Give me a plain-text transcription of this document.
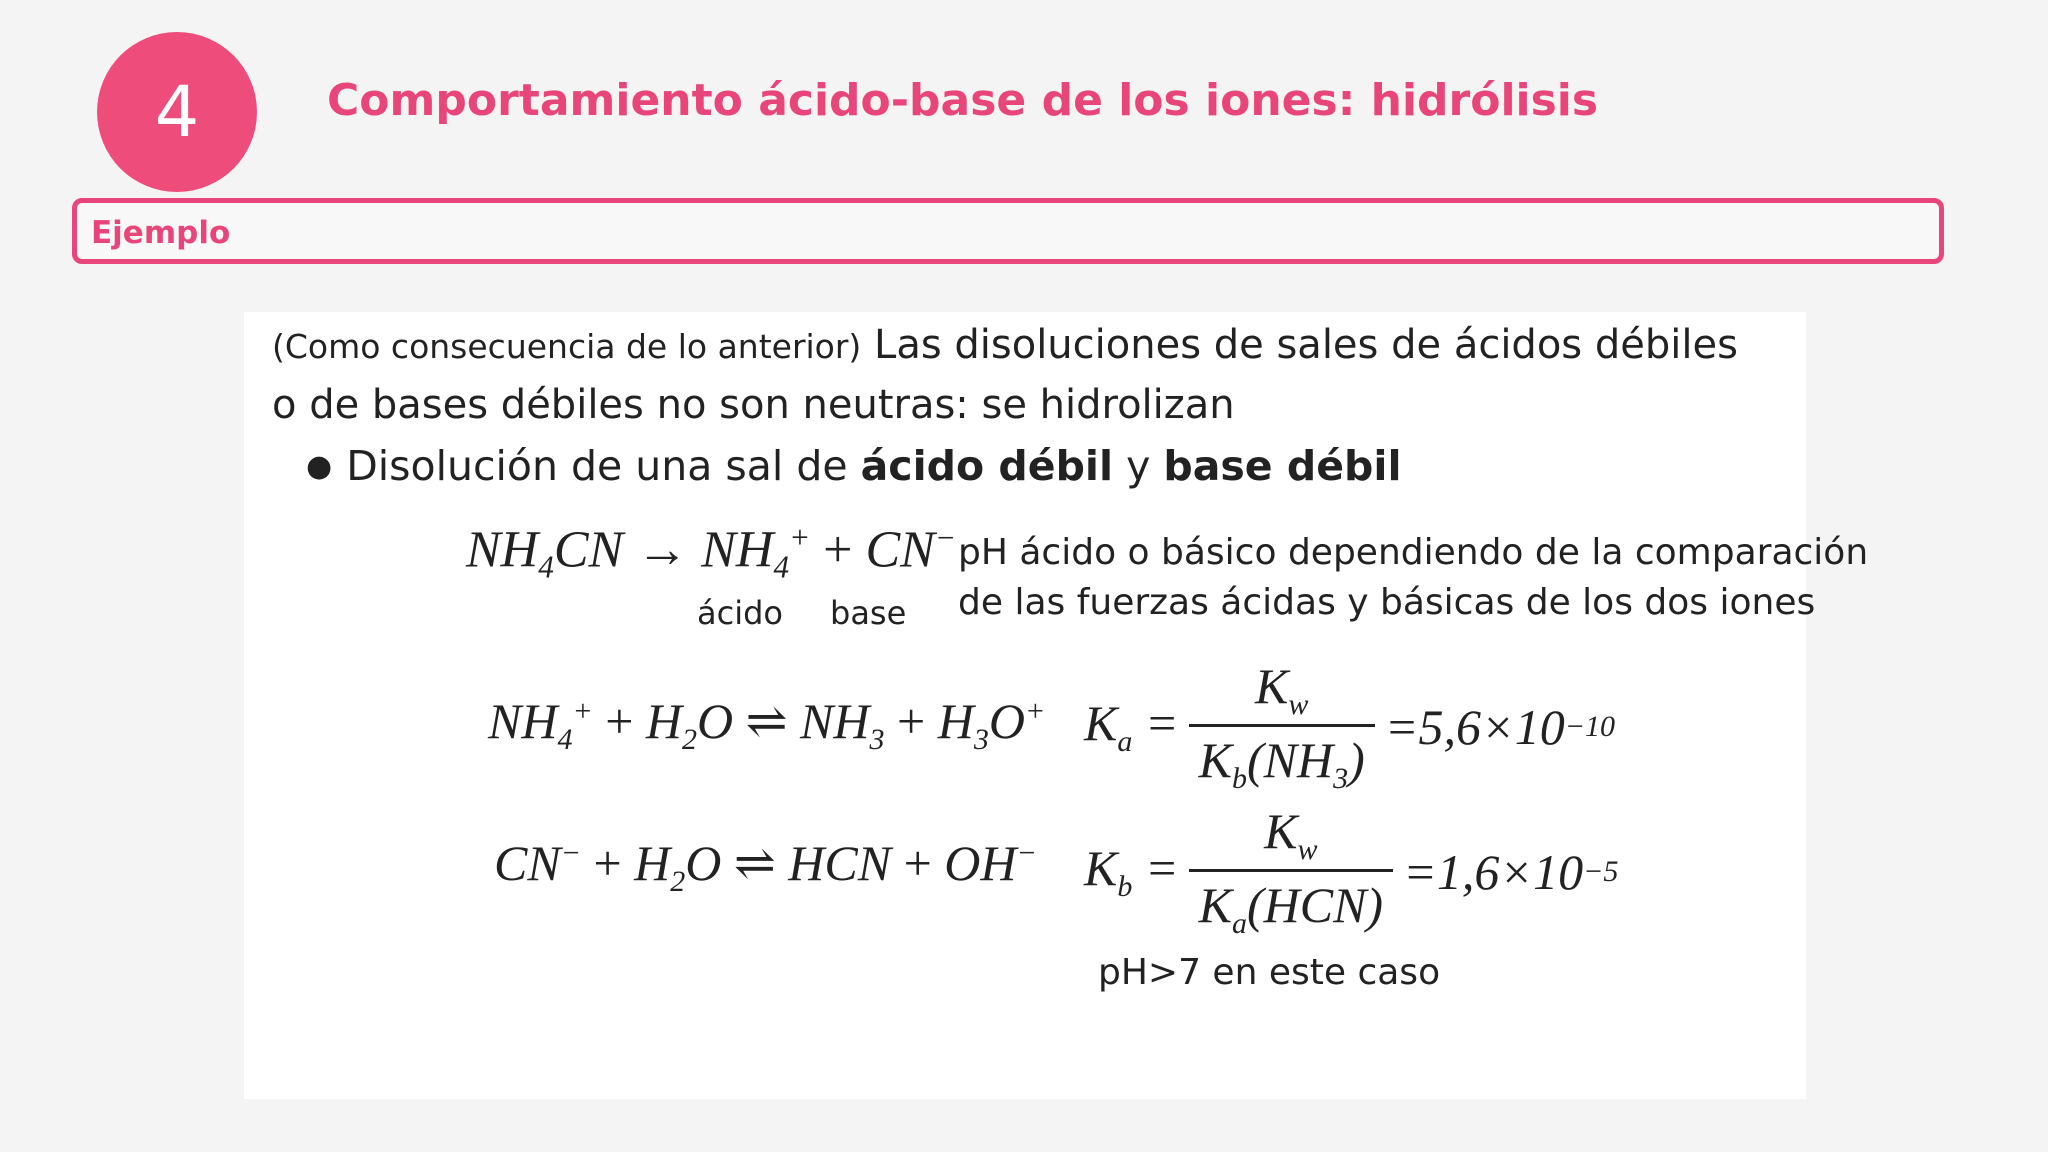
4	Comportamiento ácido-base de los iones: hidrólisis
Ejemplo
(Como consecuencia de lo anterior) Las disoluciones de sales de ácidos débiles o de bases débiles no son neutras: se hidrolizan
● Disolución de una sal de ácido débil y base débil
$NH_4CN \to NH_4^+ + CN^-$
ácido base
pH ácido o básico dependiendo de la comparación
de las fuerzas ácidas y básicas de los dos iones
$NH_4^+ + H_2O$ ⇌ $NH_3 + H_3O^+$ $K_a = \frac{K_w}{K_b(NH_3)} = 5,6\times 10 -10$
$CN^- + H_2O$ ⇌ HCN + OH− $K_b = \frac{K_w}{K_a(HCN)} = 1,6\times 10 -5$
pH>7 en este caso
